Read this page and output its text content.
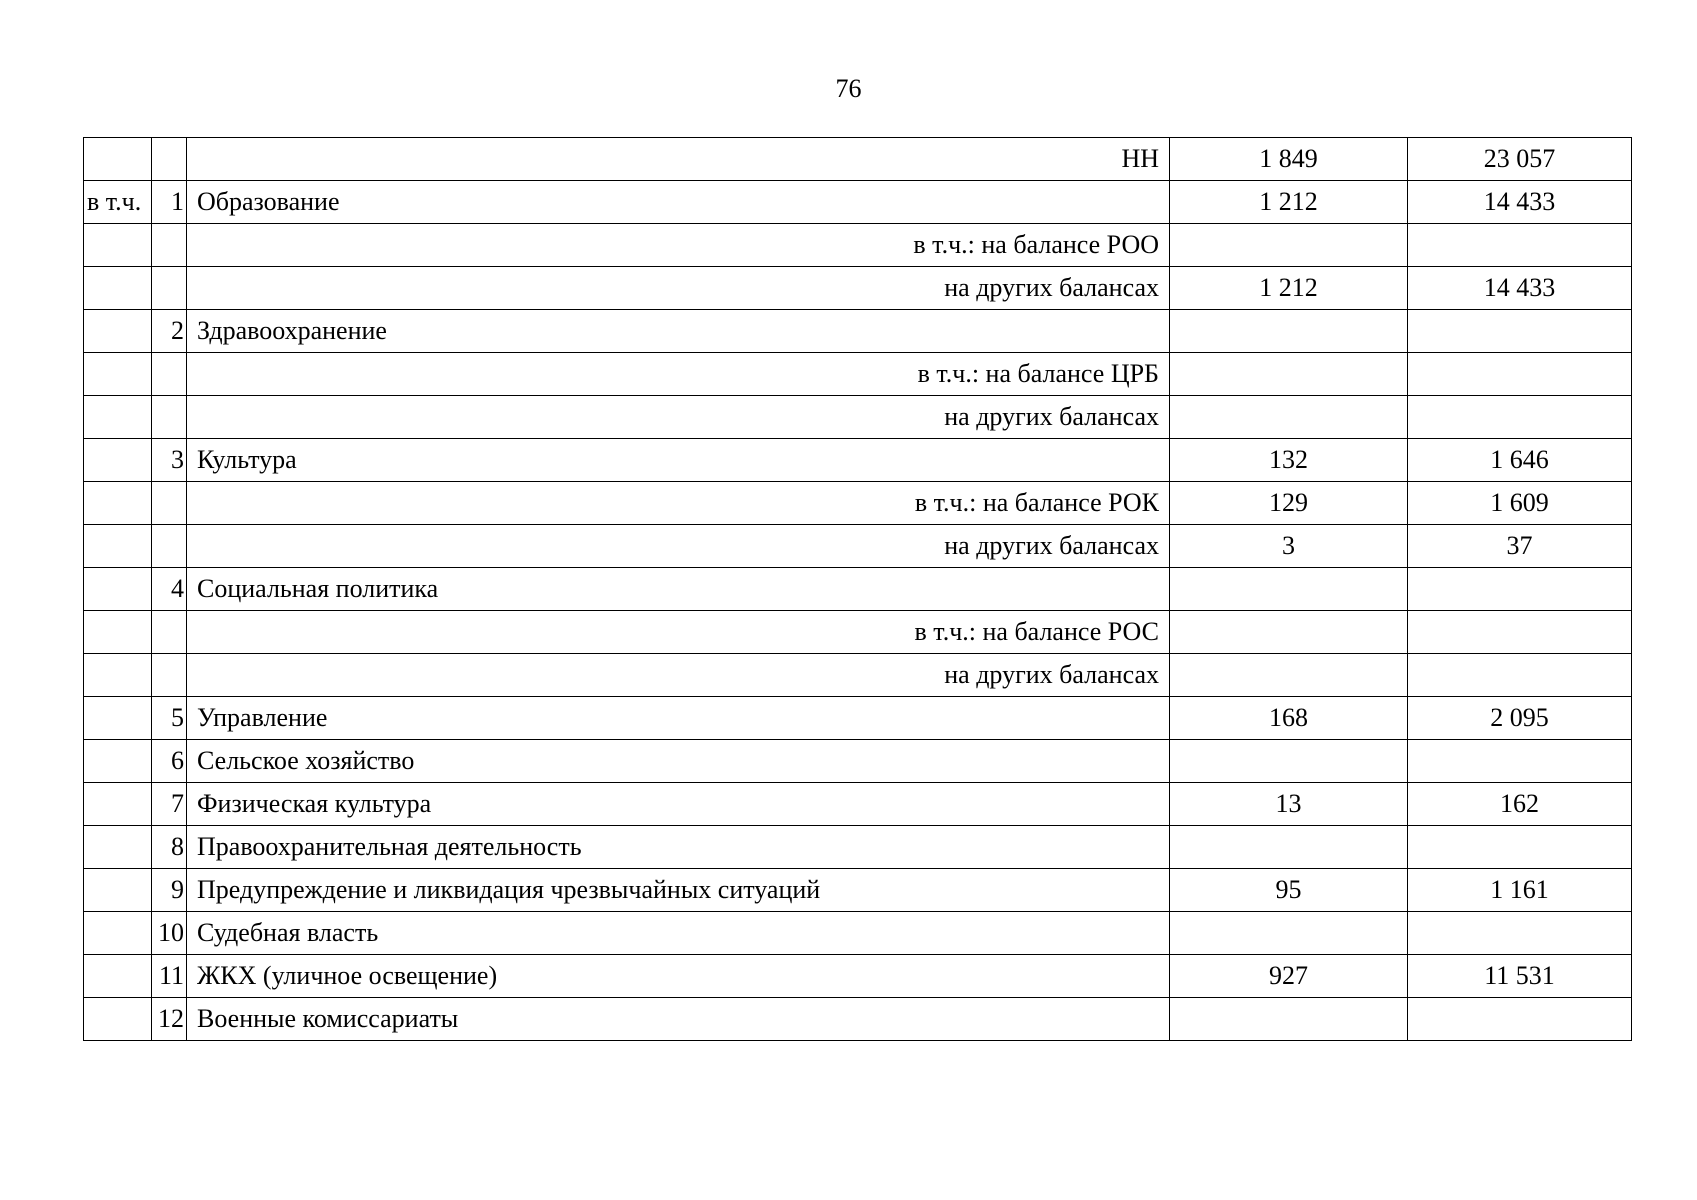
76
		НН	1 849	23 057
в т.ч.	1	Образование	1 212	14 433
		в т.ч.: на балансе РОО		
		на других балансах	1 212	14 433
	2	Здравоохранение		
		в т.ч.: на балансе ЦРБ		
		на других балансах		
	3	Культура	132	1 646
		в т.ч.: на балансе РОК	129	1 609
		на других балансах	3	37
	4	Социальная политика		
		в т.ч.: на балансе РОС		
		на других балансах		
	5	Управление	168	2 095
	6	Сельское хозяйство		
	7	Физическая культура	13	162
	8	Правоохранительная деятельность		
	9	Предупреждение и ликвидация чрезвычайных ситуаций	95	1 161
	10	Судебная власть		
	11	ЖКХ (уличное освещение)	927	11 531
	12	Военные комиссариаты		
